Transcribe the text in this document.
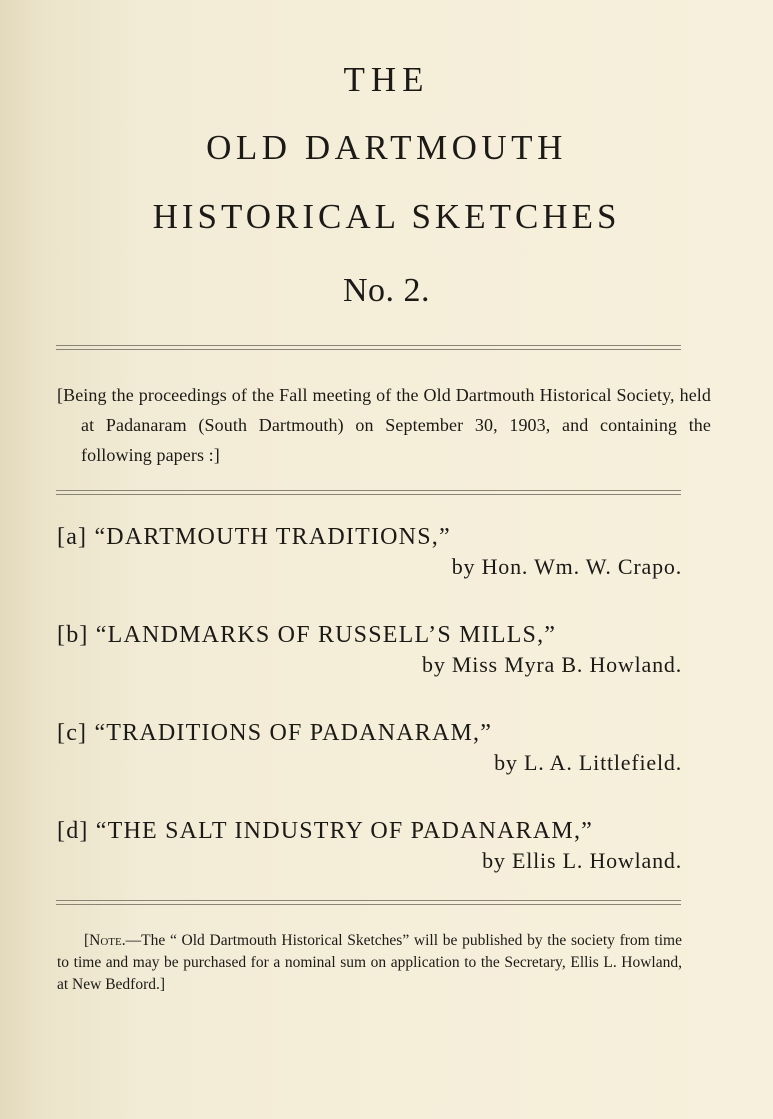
THE
OLD DARTMOUTH
HISTORICAL SKETCHES
No. 2.
[Being the proceedings of the Fall meeting of the Old Dartmouth Historical Society, held at Padanaram (South Dartmouth) on September 30, 1903, and containing the following papers :]
[a] “DARTMOUTH TRADITIONS,”
by Hon. Wm. W. Crapo.
[b] “LANDMARKS OF RUSSELL’S MILLS,”
by Miss Myra B. Howland.
[c] “TRADITIONS OF PADANARAM,”
by L. A. Littlefield.
[d] “THE SALT INDUSTRY OF PADANARAM,”
by Ellis L. Howland.
[Note.—The “ Old Dartmouth Historical Sketches” will be published by the society from time to time and may be purchased for a nominal sum on application to the Secretary, Ellis L. Howland, at New Bedford.]
